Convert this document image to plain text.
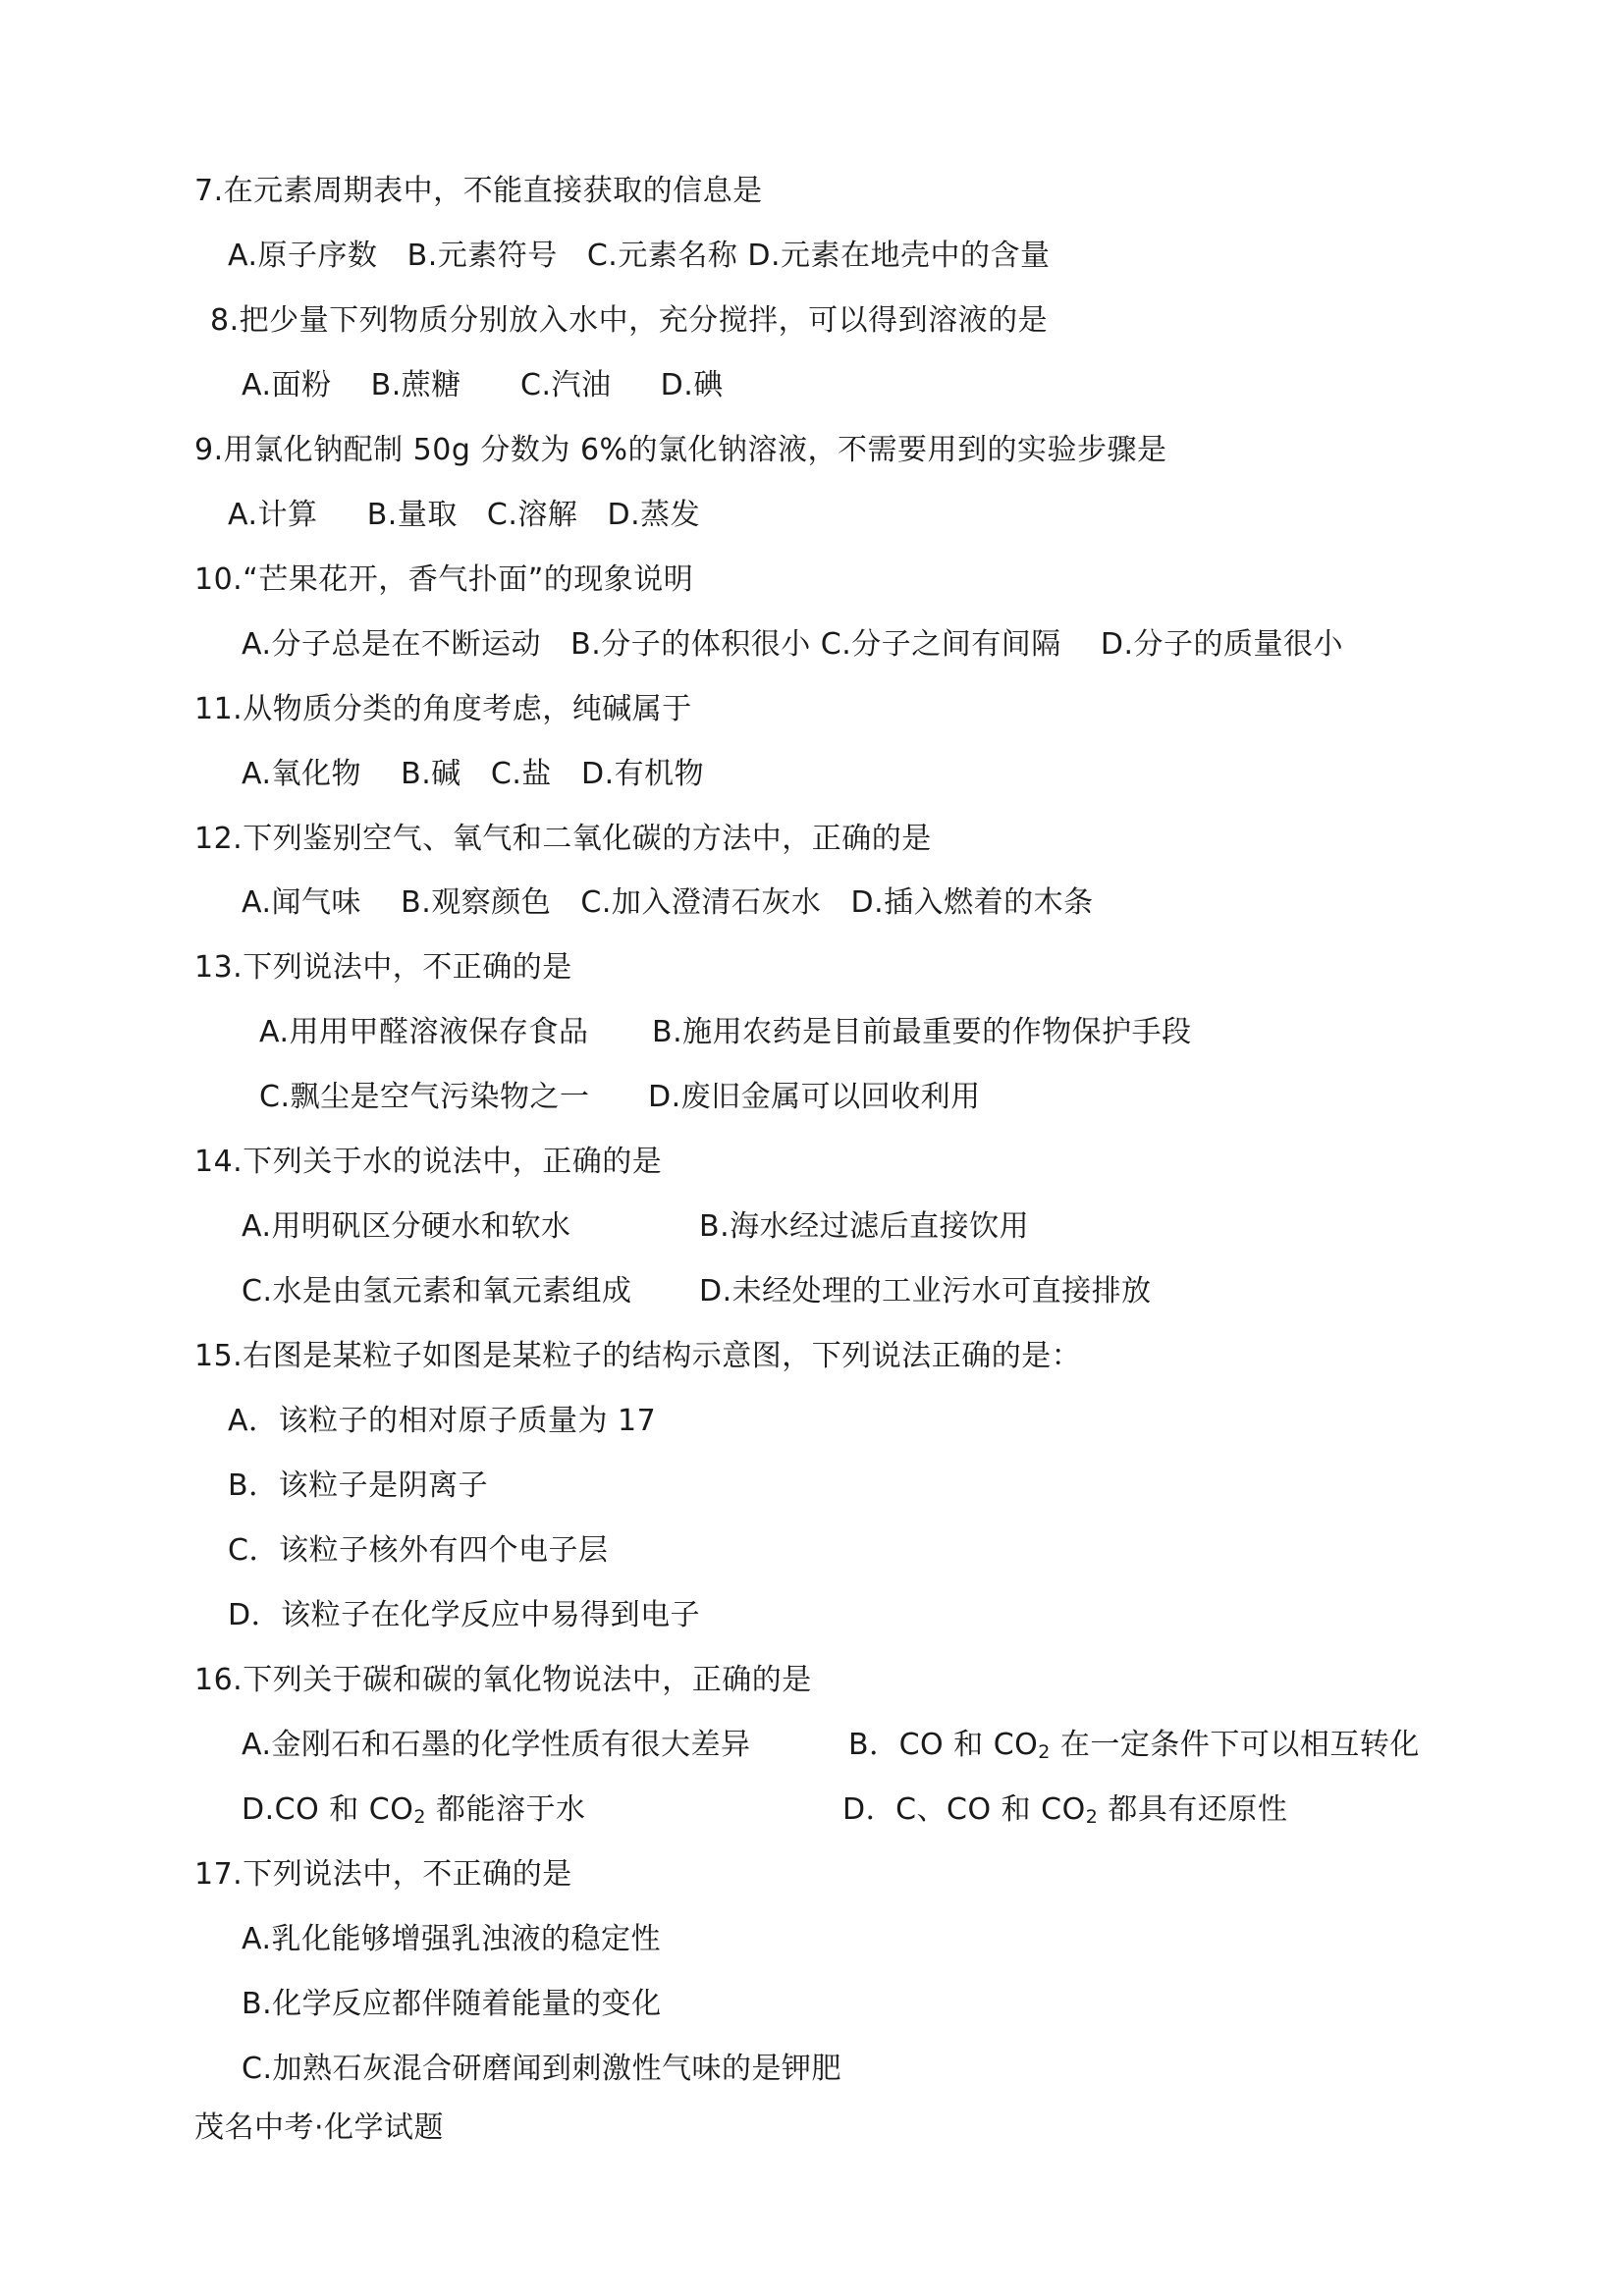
7.在元素周期表中，不能直接获取的信息是
A.原子序数   B.元素符号   C.元素名称 D.元素在地壳中的含量
8.把少量下列物质分别放入水中，充分搅拌，可以得到溶液的是
A.面粉    B.蔗糖      C.汽油     D.碘
9.用氯化钠配制 50g 分数为 6%的氯化钠溶液，不需要用到的实验步骤是
A.计算     B.量取   C.溶解   D.蒸发
10.“芒果花开，香气扑面”的现象说明
A.分子总是在不断运动   B.分子的体积很小 C.分子之间有间隔    D.分子的质量很小
11.从物质分类的角度考虑，纯碱属于
A.氧化物    B.碱   C.盐   D.有机物
12.下列鉴别空气、氧气和二氧化碳的方法中，正确的是
A.闻气味    B.观察颜色   C.加入澄清石灰水   D.插入燃着的木条
13.下列说法中，不正确的是
A.用用甲醛溶液保存食品 B.施用农药是目前最重要的作物保护手段
C.飘尘是空气污染物之一 D.废旧金属可以回收利用
14.下列关于水的说法中，正确的是
A.用明矾区分硬水和软水	B.海水经过滤后直接饮用
C.水是由氢元素和氧元素组成 D.未经处理的工业污水可直接排放
15.右图是某粒子如图是某粒子的结构示意图，下列说法正确的是：
A．该粒子的相对原子质量为 17
B．该粒子是阴离子
C．该粒子核外有四个电子层
D．该粒子在化学反应中易得到电子
16.下列关于碳和碳的氧化物说法中，正确的是
A.金刚石和石墨的化学性质有很大差异	B．CO 和 $CO_2$ 在一定条件下可以相互转化
D.CO 和 $CO_2$ 都能溶于水	D．C、CO 和 $CO_2$ 都具有还原性
17.下列说法中，不正确的是
A.乳化能够增强乳浊液的稳定性
B.化学反应都伴随着能量的变化
C.加熟石灰混合研磨闻到刺激性气味的是钾肥
茂名中考·化学试题
